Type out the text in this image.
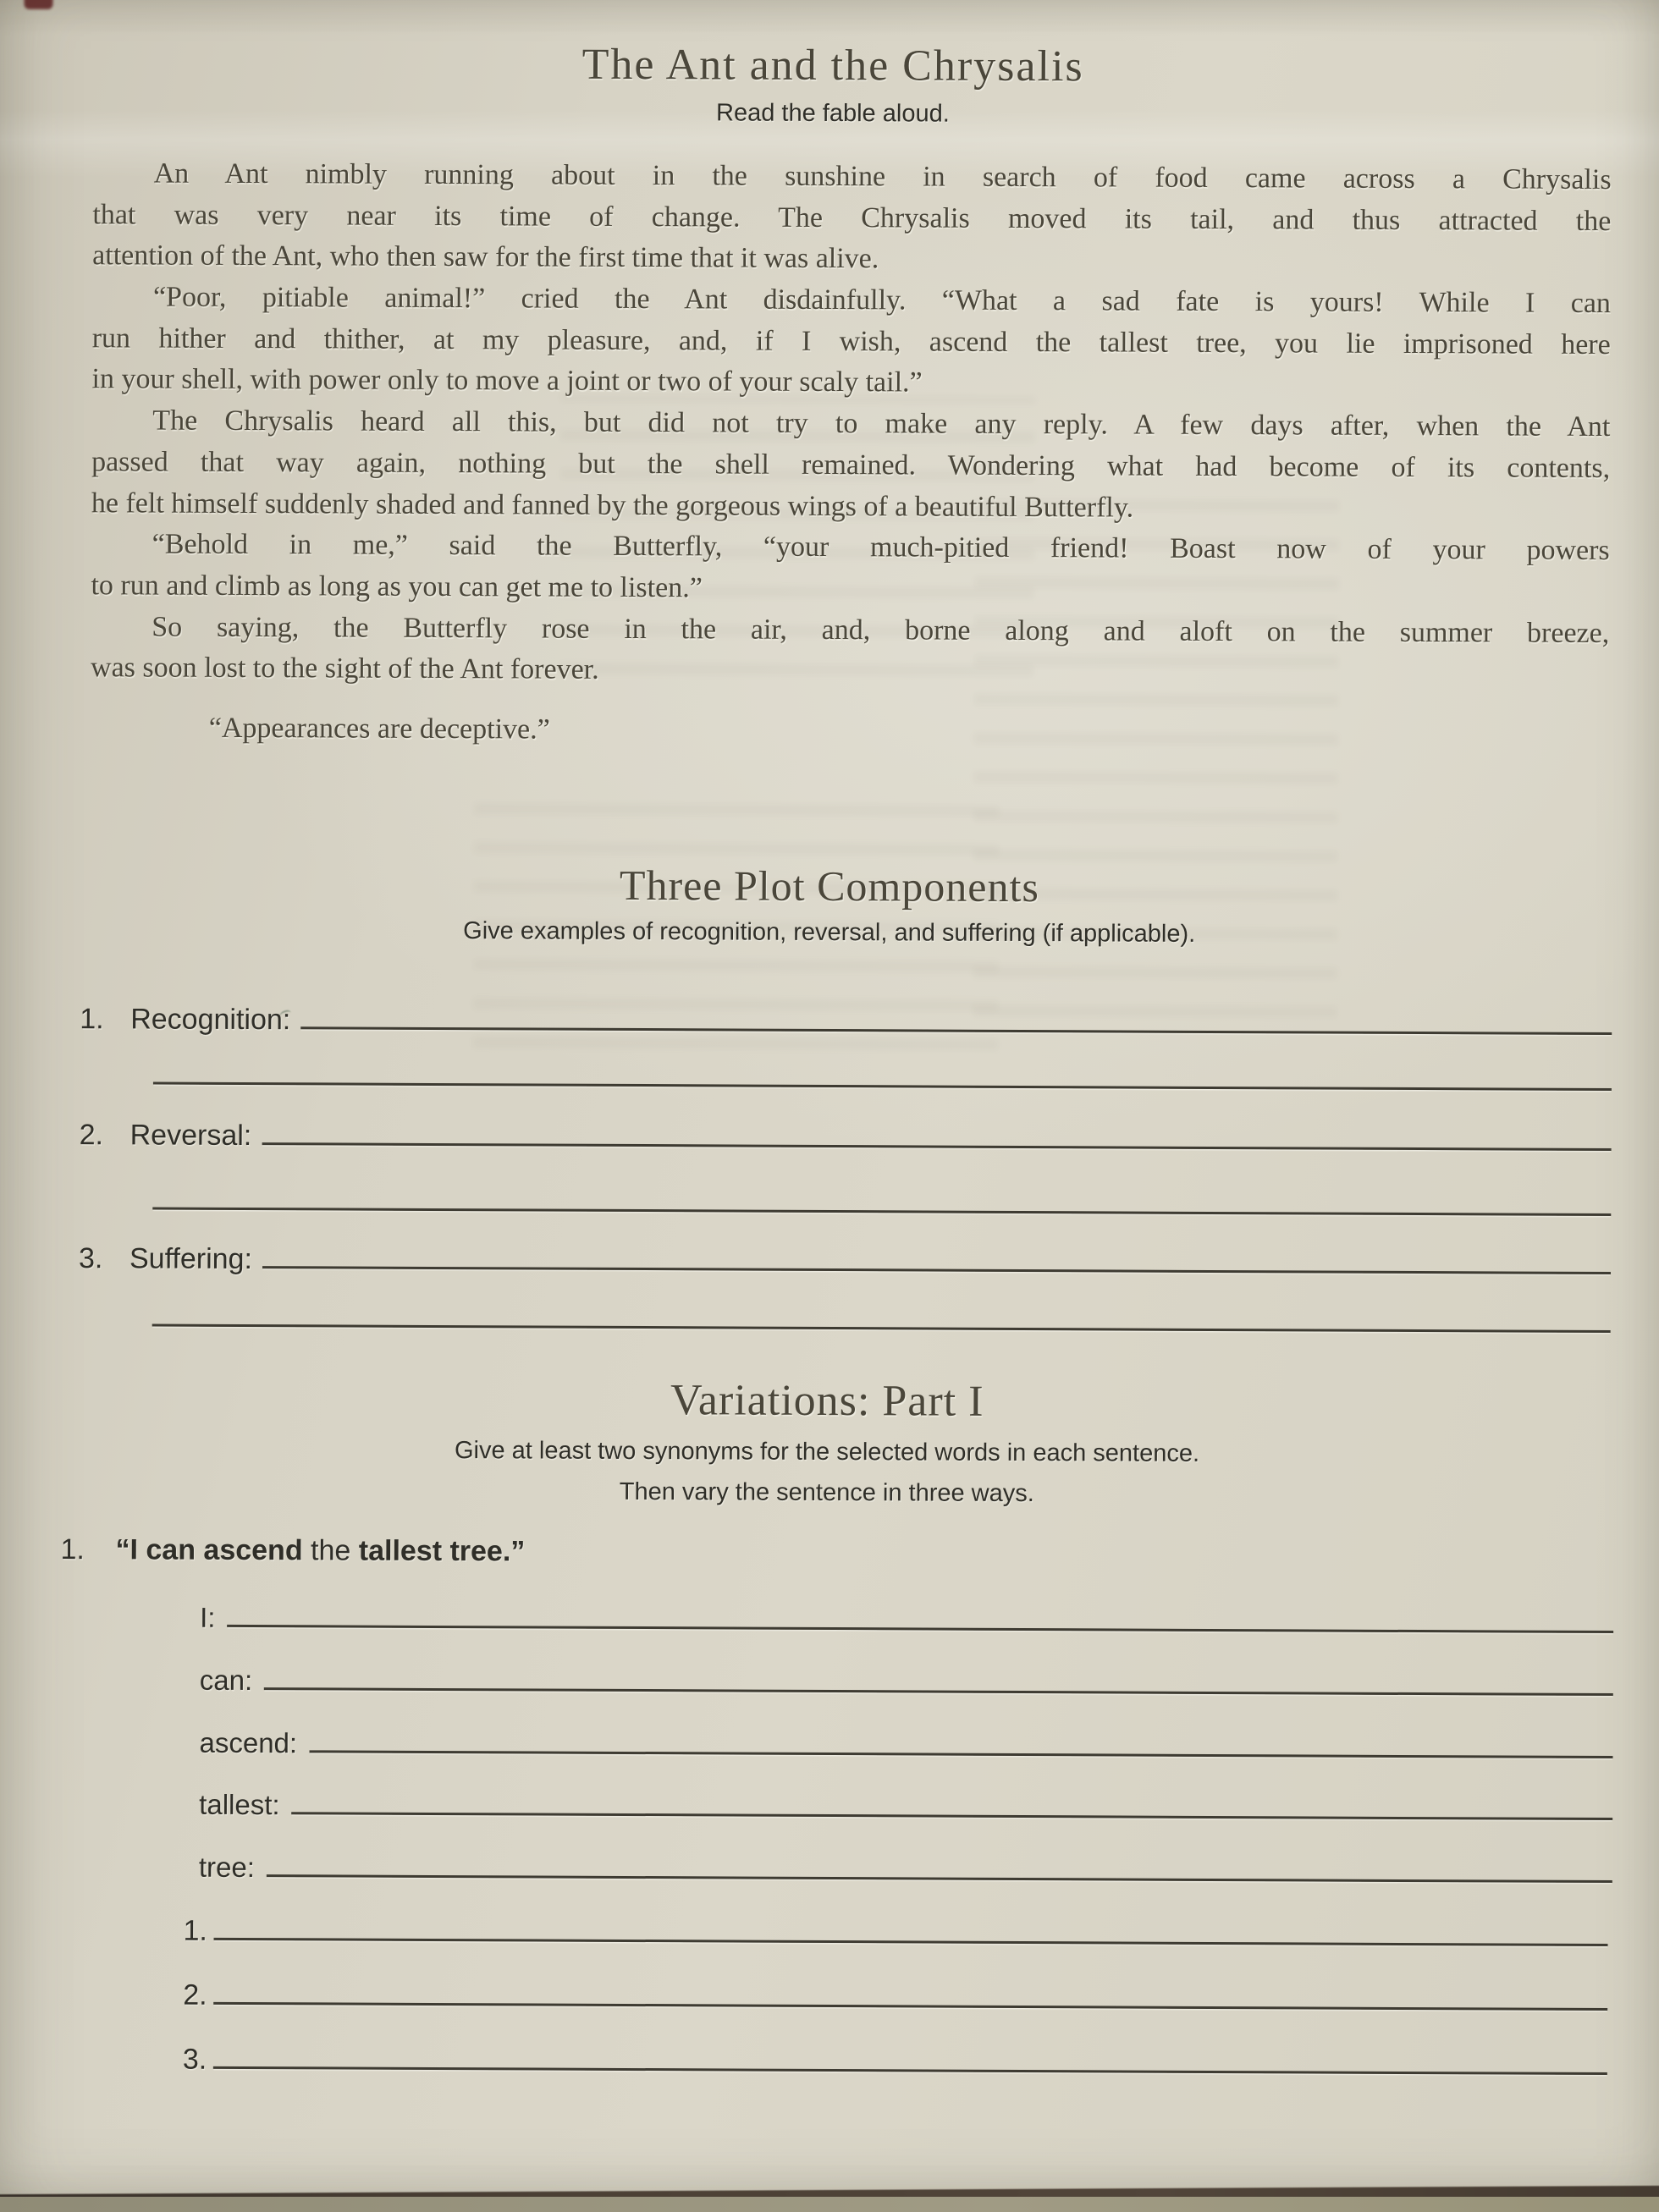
The Ant and the Chrysalis
Read the fable aloud.
An Ant nimbly running about in the sunshine in search of food came across a Chrysalis
that was very near its time of change. The Chrysalis moved its tail, and thus attracted the
attention of the Ant, who then saw for the first time that it was alive.
“Poor, pitiable animal!” cried the Ant disdainfully. “What a sad fate is yours! While I can
run hither and thither, at my pleasure, and, if I wish, ascend the tallest tree, you lie imprisoned here
in your shell, with power only to move a joint or two of your scaly tail.”
The Chrysalis heard all this, but did not try to make any reply. A few days after, when the Ant
passed that way again, nothing but the shell remained. Wondering what had become of its contents,
he felt himself suddenly shaded and fanned by the gorgeous wings of a beautiful Butterfly.
“Behold in me,” said the Butterfly, “your much-pitied friend! Boast now of your powers
to run and climb as long as you can get me to listen.”
So saying, the Butterfly rose in the air, and, borne along and aloft on the summer breeze,
was soon lost to the sight of the Ant forever.
“Appearances are deceptive.”
Three Plot Components
Give examples of recognition, reversal, and suffering (if applicable).
1. Recognition:
2. Reversal:
3. Suffering:
Variations: Part I
Give at least two synonyms for the selected words in each sentence.
Then vary the sentence in three ways.
1.	“I can ascend the tallest tree.”
I:
can:
ascend:
tallest:
tree:
1.
2.
3.
